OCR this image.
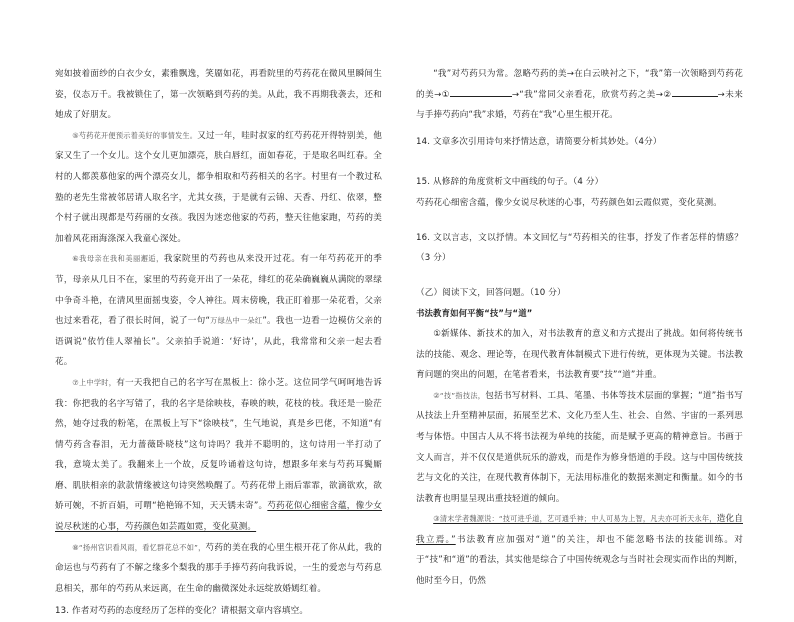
宛如披着面纱的白衣少女，素雅飘逸，笑靥如花，再看院里的芍药花在微风里瞬间生姿，仪态万千。我被锁住了，第一次领略到芍药的美。从此，我不再期我袭去，还和她成了好朋友。

⑤芍药花开便预示着美好的事情发生。又过一年，哇时叔家的红芍药花开得特别美，他家又生了一个女儿。这个女儿更加漂亮，肤白唇红，面如春花，于是取名叫红春。全村的人都羡慕他家的两个漂亮女儿，都争相取和芍药相关的名字。村里有一个教过私塾的老先生常被邻居请人取名字，尤其女孩，于是就有云锦、天香、丹红、依翠，整个村子就出现都是芍药丽的女孩。我因为迷恋他家的芍药，整天往他家跑，芍药的美加着风花雨海涤深入我童心深处。

⑥我母亲在我和美丽邂逅，我家院里的芍药也从来没开过花。有一年芍药花开的季节，母亲从几日不在，家里的芍药竟开出了一朵花，绯红的花朵确巍巍从满院的翠绿中争奇斗艳，在清风里面摇曳姿，令人神往。周末傍晚，我正盯着那一朵花看，父亲也过来看花，看了很长时间，说了一句“万绿丛中一朵红”。我也一边看一边模仿父亲的语调说“依竹佳人翠袖长”。父亲拍手说道：‘好诗’，从此，我常常和父亲一起去看花。

⑦上中学时，有一天我把自己的名字写在黑板上：徐小芝。这位同学气呵呵地告诉我：你把我的名字写错了，我的名字是徐映枝，春映的映，花枝的枝。我还是一脸茫然，她夺过我的粉笔，在黑板上写下“徐映枝”，生气地说，真是乡巴佬，不知道“有情芍药含春泪，无力蔷薇卧晓枝”这句诗吗？我并不聪明的，这句诗用一半打动了我，意境太美了。我翻来上一个故，反复吟诵着这句诗，想跟多年来与芍药耳鬓厮磨、肌肤相亲的款款情缘被这句诗突然唤醒了。芍药花带上雨后霏霏，欲滴欲欢，欲娇可婉，不折百娟，可喟“艳艳锦不知，天天锈未寄”。芍药花似心细密含蕴，像少女说尽秋迷的心事，芍药颜色如芸霞如霓，变化莫测。

⑧“扬州官识看风雨，看忆群花总不如”，芍药的美在我的心里生根开花了你从此，我的命运也与芍药有了不解之缘多个梨我的那手手捧芍药向我诉说，一生的爱恋与芍药息息相关，那年的芍药从来远离，在生命的幽微深处永远绽放婚嫣红着。

13. 作者对芍药的态度经历了怎样的变化？请根据文章内容填空。

“我”对芍药只为常。忽略芍药的美→在白云映衬之下，“我”第一次领略到芍药花的美→①	→“我”常同父亲看花，欣赏芍药之美→②	→未来与手捧芍药向“我”求婚，芍药在“我”心里生根开花。

14. 文章多次引用诗句来抒情达意，请简要分析其妙处。（4分）

15. 从修辞的角度赏析文中画线的句子。（4 分）

芍药花心细密含蕴，像少女说尽秋迷的心事，芍药颜色如云霞似霓，变化莫测。

16. 文以言志，文以抒情。本文回忆与“芍药相关的往事，抒发了作者怎样的情感？（3 分）

（乙）阅读下文，回答问题。（10 分）

书法教育如何平衡“技”与“道”

①新媒体、新技术的加入，对书法教育的意义和方式提出了挑战。如何将传统书法的技能、观念、理论等，在现代教育体制模式下进行传统，更体现为关键。书法教育问题的突出的问题，在笔者看来，书法教育要“技”“道”并重。

②“技”指技法，包括书写材料、工具、笔墨、书体等技术层面的掌握；“道”指书写从技法上升至精神层面，拓展至艺术、文化乃至人生、社会、自然、宇宙的一系列思考与体悟。中国古人从不将书法视为单纯的技能，而是赋予更高的精神意旨。书画于文人而言，并不仅仅是道供玩乐的游戏，而是作为修身悟道的手段。这与中国传统技艺与文化的关注，在现代教育体制下，无法用标准化的数据来测定和衡量。如今的书法教育也明显呈现出重技轻道的倾向。

③清末学者魏源说：“技可进乎道，艺可通乎神；中人可易为上智，凡夫亦可祈天永年，造化自我立焉。”书法教育应加强对“道”的关注，却也不能忽略书法的技能训练。对于“技”和“道”的看法，其实他是综合了中国传统观念与当时社会现实而作出的判断，他时至今日，仍然
